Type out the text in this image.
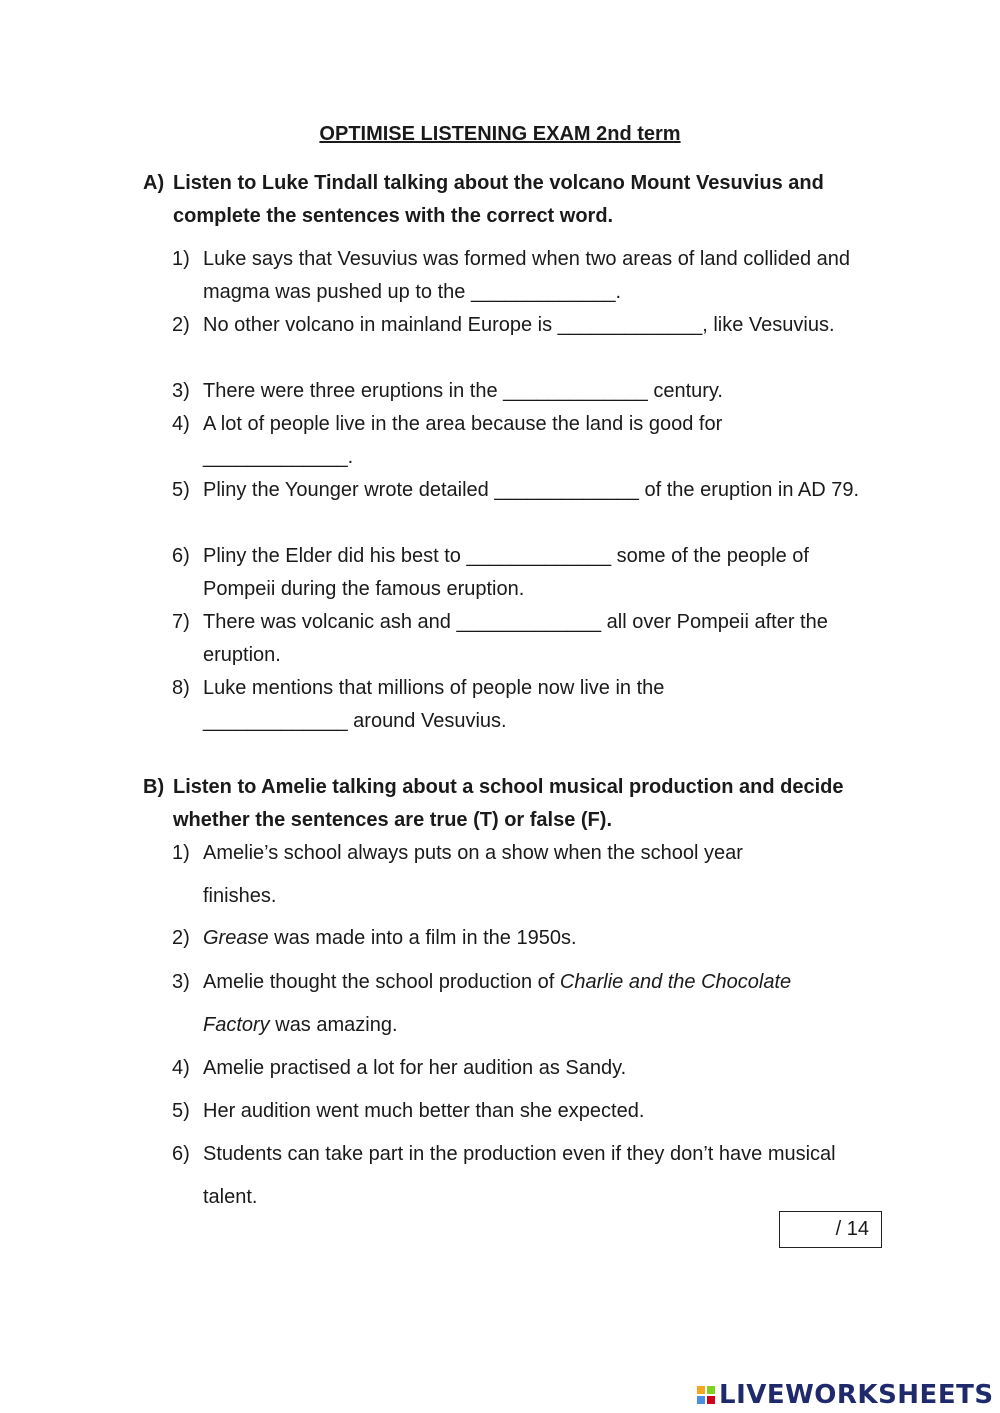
OPTIMISE LISTENING EXAM 2nd term
A) Listen to Luke Tindall talking about the volcano Mount Vesuvius and complete the sentences with the correct word.
1) Luke says that Vesuvius was formed when two areas of land collided and magma was pushed up to the _____________.
2) No other volcano in mainland Europe is _____________, like Vesuvius.
3) There were three eruptions in the _____________ century.
4) A lot of people live in the area because the land is good for _____________.
5) Pliny the Younger wrote detailed _____________ of the eruption in AD 79.
6) Pliny the Elder did his best to _____________ some of the people of Pompeii during the famous eruption.
7) There was volcanic ash and _____________ all over Pompeii after the eruption.
8) Luke mentions that millions of people now live in the _____________ around Vesuvius.
B) Listen to Amelie talking about a school musical production and decide whether the sentences are true (T) or false (F).
1) Amelie’s school always puts on a show when the school year finishes.
2) Grease was made into a film in the 1950s.
3) Amelie thought the school production of Charlie and the Chocolate Factory was amazing.
4) Amelie practised a lot for her audition as Sandy.
5) Her audition went much better than she expected.
6) Students can take part in the production even if they don’t have musical talent.
/ 14
LIVEWORKSHEETS
